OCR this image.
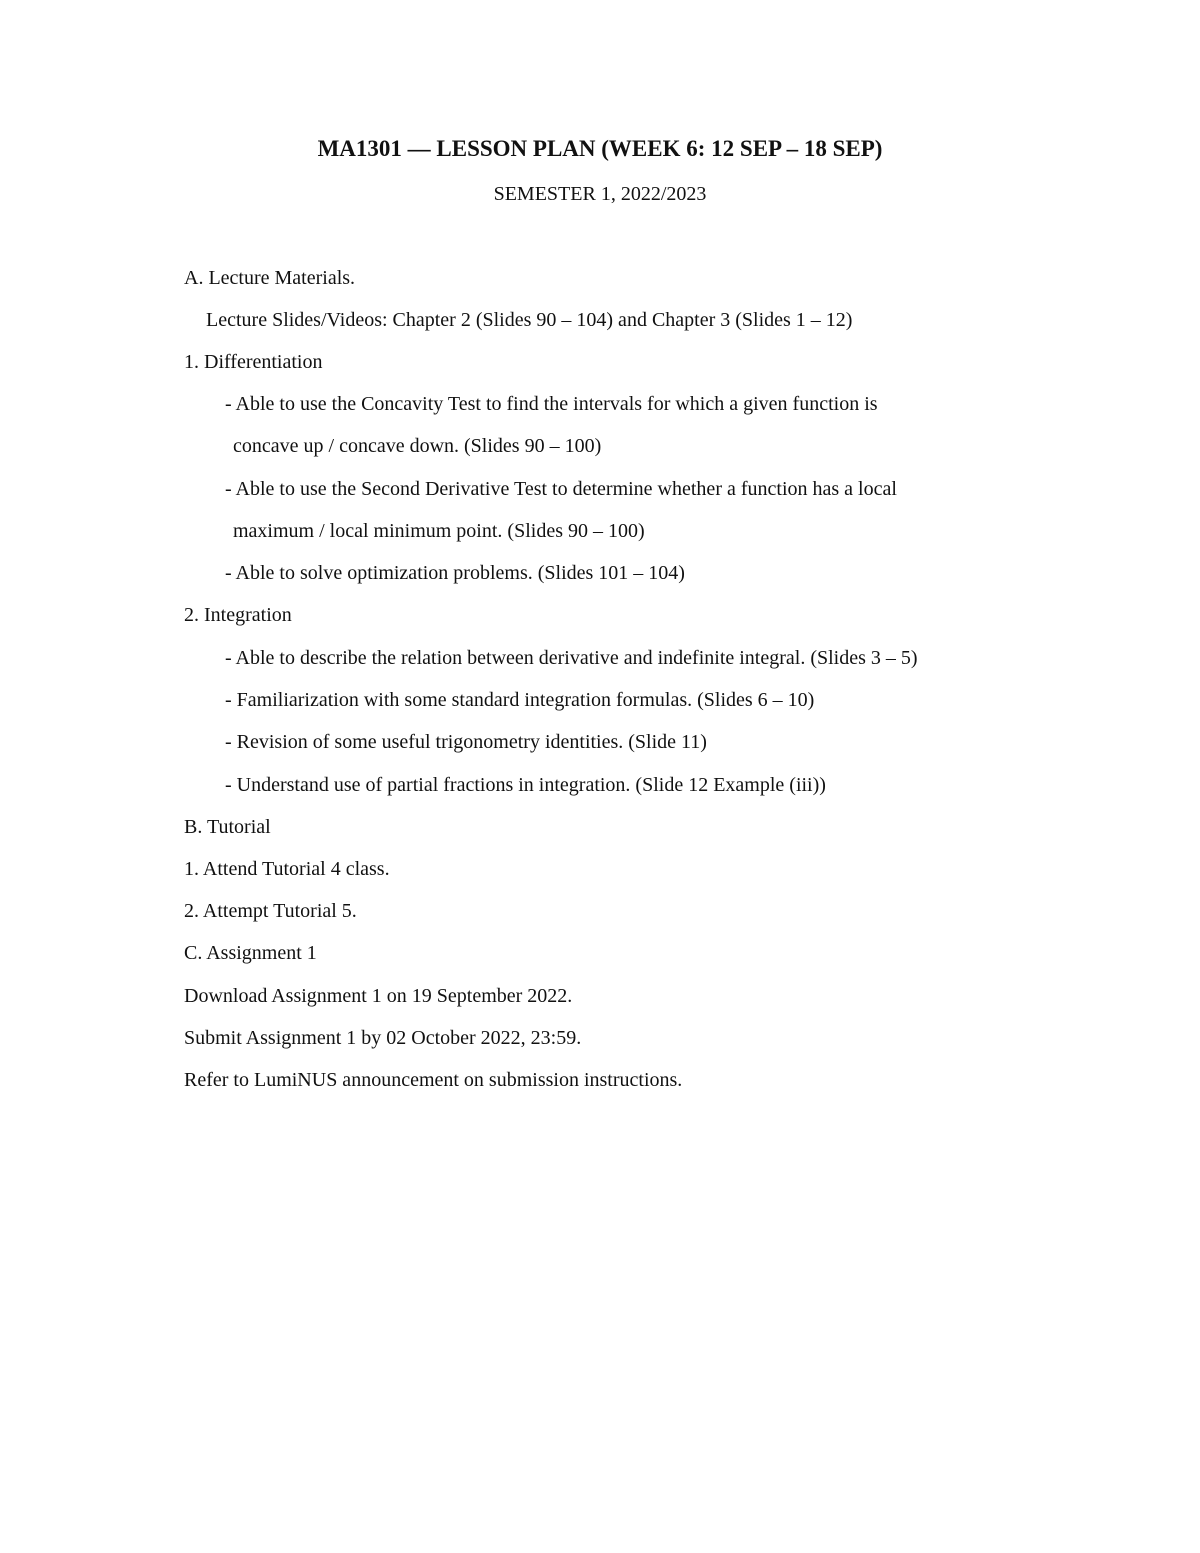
MA1301 — LESSON PLAN (WEEK 6: 12 SEP – 18 SEP)
SEMESTER 1, 2022/2023
A. Lecture Materials.
Lecture Slides/Videos: Chapter 2 (Slides 90 – 104) and Chapter 3 (Slides 1 – 12)
1. Differentiation
- Able to use the Concavity Test to find the intervals for which a given function is
concave up / concave down. (Slides 90 – 100)
- Able to use the Second Derivative Test to determine whether a function has a local
maximum / local minimum point. (Slides 90 – 100)
- Able to solve optimization problems. (Slides 101 – 104)
2. Integration
- Able to describe the relation between derivative and indefinite integral. (Slides 3 – 5)
- Familiarization with some standard integration formulas. (Slides 6 – 10)
- Revision of some useful trigonometry identities. (Slide 11)
- Understand use of partial fractions in integration. (Slide 12 Example (iii))
B. Tutorial
1. Attend Tutorial 4 class.
2. Attempt Tutorial 5.
C. Assignment 1
Download Assignment 1 on 19 September 2022.
Submit Assignment 1 by 02 October 2022, 23:59.
Refer to LumiNUS announcement on submission instructions.
